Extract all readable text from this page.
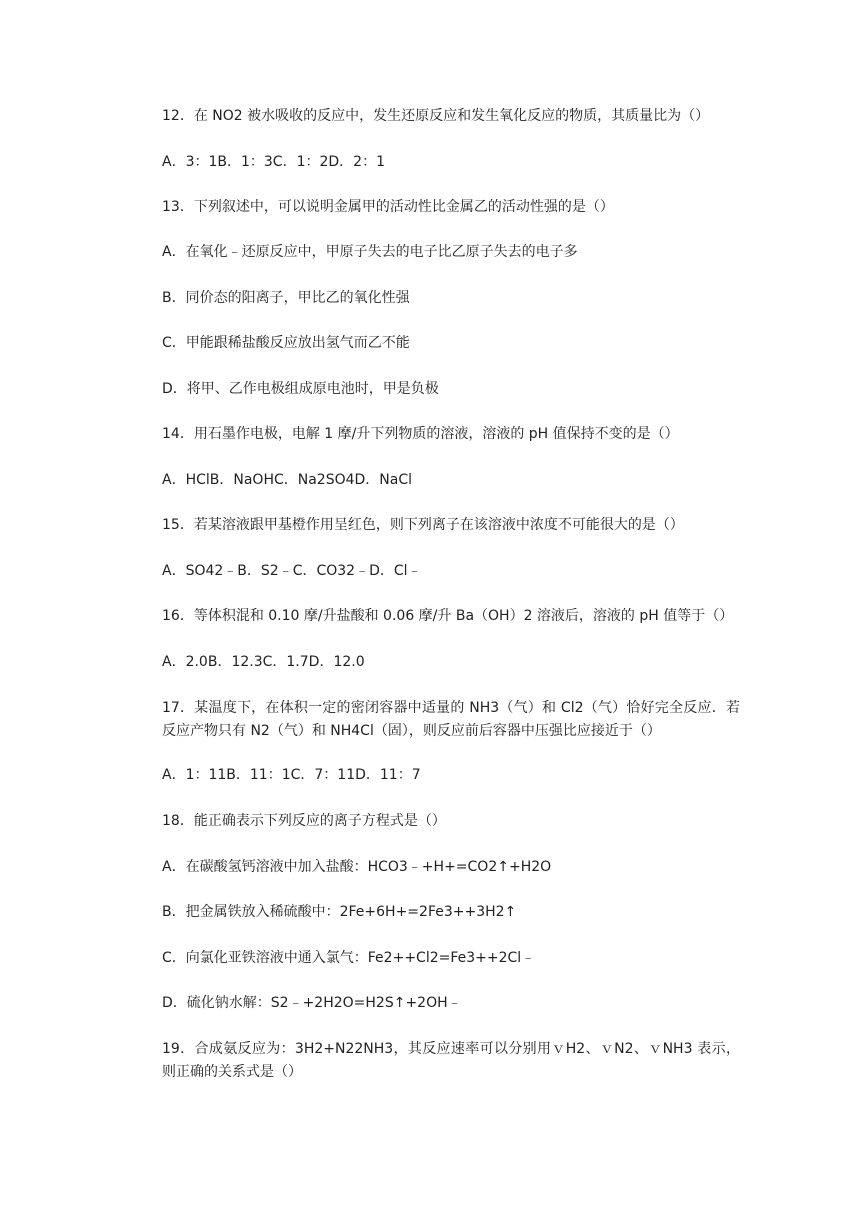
12．在 NO2 被水吸收的反应中，发生还原反应和发生氧化反应的物质，其质量比为（）
A．3：1B．1：3C．1：2D．2：1
13．下列叙述中，可以说明金属甲的活动性比金属乙的活动性强的是（）
A．在氧化﹣还原反应中，甲原子失去的电子比乙原子失去的电子多
B．同价态的阳离子，甲比乙的氧化性强
C．甲能跟稀盐酸反应放出氢气而乙不能
D．将甲、乙作电极组成原电池时，甲是负极
14．用石墨作电极，电解 1 摩/升下列物质的溶液，溶液的 pH 值保持不变的是（）
A．HClB．NaOHC．Na2SO4D．NaCl
15．若某溶液跟甲基橙作用呈红色，则下列离子在该溶液中浓度不可能很大的是（）
A．SO42﹣B．S2﹣C．CO32﹣D．Cl﹣
16．等体积混和 0.10 摩/升盐酸和 0.06 摩/升 Ba（OH）2 溶液后，溶液的 pH 值等于（）
A．2.0B．12.3C．1.7D．12.0
17．某温度下，在体积一定的密闭容器中适量的 NH3（气）和 Cl2（气）恰好完全反应．若反应产物只有 N2（气）和 NH4Cl（固），则反应前后容器中压强比应接近于（）
A．1：11B．11：1C．7：11D．11：7
18．能正确表示下列反应的离子方程式是（）
A．在碳酸氢钙溶液中加入盐酸：HCO3﹣+H+=CO2↑+H2O
B．把金属铁放入稀硫酸中：2Fe+6H+=2Fe3++3H2↑
C．向氯化亚铁溶液中通入氯气：Fe2++Cl2=Fe3++2Cl﹣
D．硫化钠水解：S2﹣+2H2O=H2S↑+2OH﹣
19．合成氨反应为：3H2+N22NH3，其反应速率可以分别用ｖH2、ｖN2、ｖNH3 表示，则正确的关系式是（）
